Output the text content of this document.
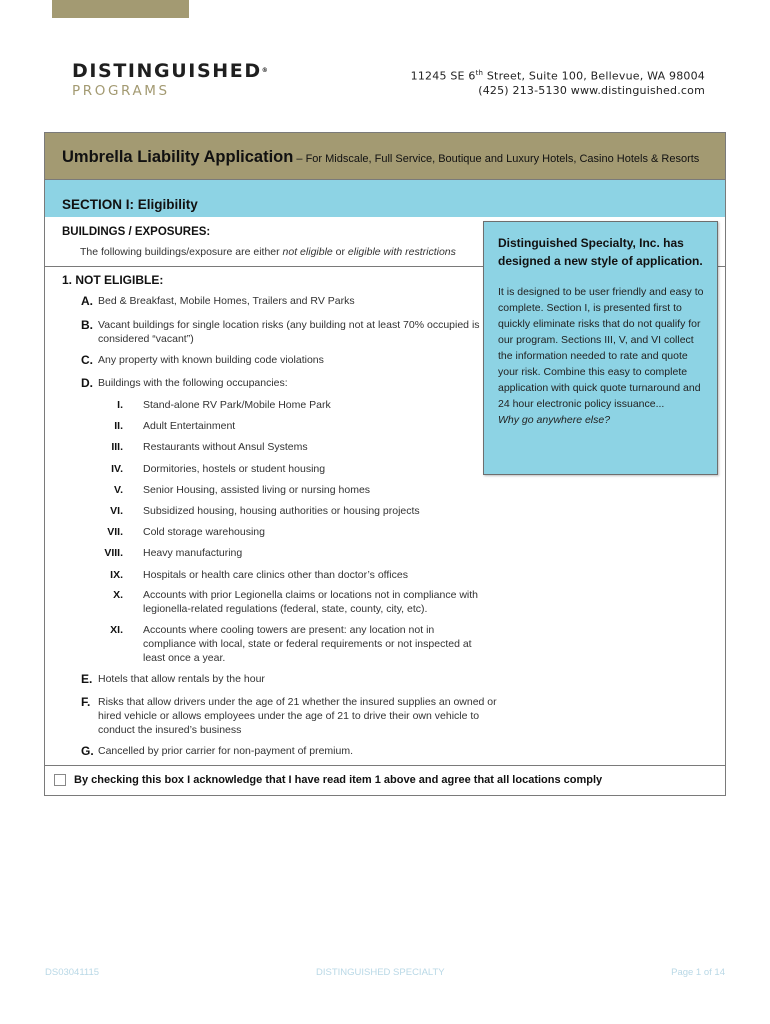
DISTINGUISHED®
PROGRAMS
11245 SE 6th Street, Suite 100, Bellevue, WA 98004
(425) 213-5130 www.distinguished.com
Umbrella Liability Application – For Midscale, Full Service, Boutique and Luxury Hotels, Casino Hotels & Resorts
SECTION I: Eligibility
BUILDINGS / EXPOSURES:
The following buildings/exposure are either not eligible or eligible with restrictions
1. NOT ELIGIBLE:
A. Bed & Breakfast, Mobile Homes, Trailers and RV Parks
B. Vacant buildings for single location risks (any building not at least 70% occupied is considered “vacant”)
C. Any property with known building code violations
D. Buildings with the following occupancies:
I. Stand-alone RV Park/Mobile Home Park
II. Adult Entertainment
III. Restaurants without Ansul Systems
IV. Dormitories, hostels or student housing
V. Senior Housing, assisted living or nursing homes
VI. Subsidized housing, housing authorities or housing projects
VII. Cold storage warehousing
VIII. Heavy manufacturing
IX. Hospitals or health care clinics other than doctor’s offices
X. Accounts with prior Legionella claims or locations not in compliance with legionella-related regulations (federal, state, county, city, etc).
XI. Accounts where cooling towers are present: any location not in compliance with local, state or federal requirements or not inspected at least once a year.
E. Hotels that allow rentals by the hour
F. Risks that allow drivers under the age of 21 whether the insured supplies an owned or hired vehicle or allows employees under the age of 21 to drive their own vehicle to conduct the insured’s business
G. Cancelled by prior carrier for non-payment of premium.
By checking this box I acknowledge that I have read item 1 above and agree that all locations comply
Distinguished Specialty, Inc. has designed a new style of application.
It is designed to be user friendly and easy to complete. Section I, is presented first to quickly eliminate risks that do not qualify for our program. Sections III, V, and VI collect the information needed to rate and quote your risk. Combine this easy to complete application with quick quote turnaround and 24 hour electronic policy issuance...
Why go anywhere else?
DS03041115	DISTINGUISHED SPECIALTY	Page 1 of 14
